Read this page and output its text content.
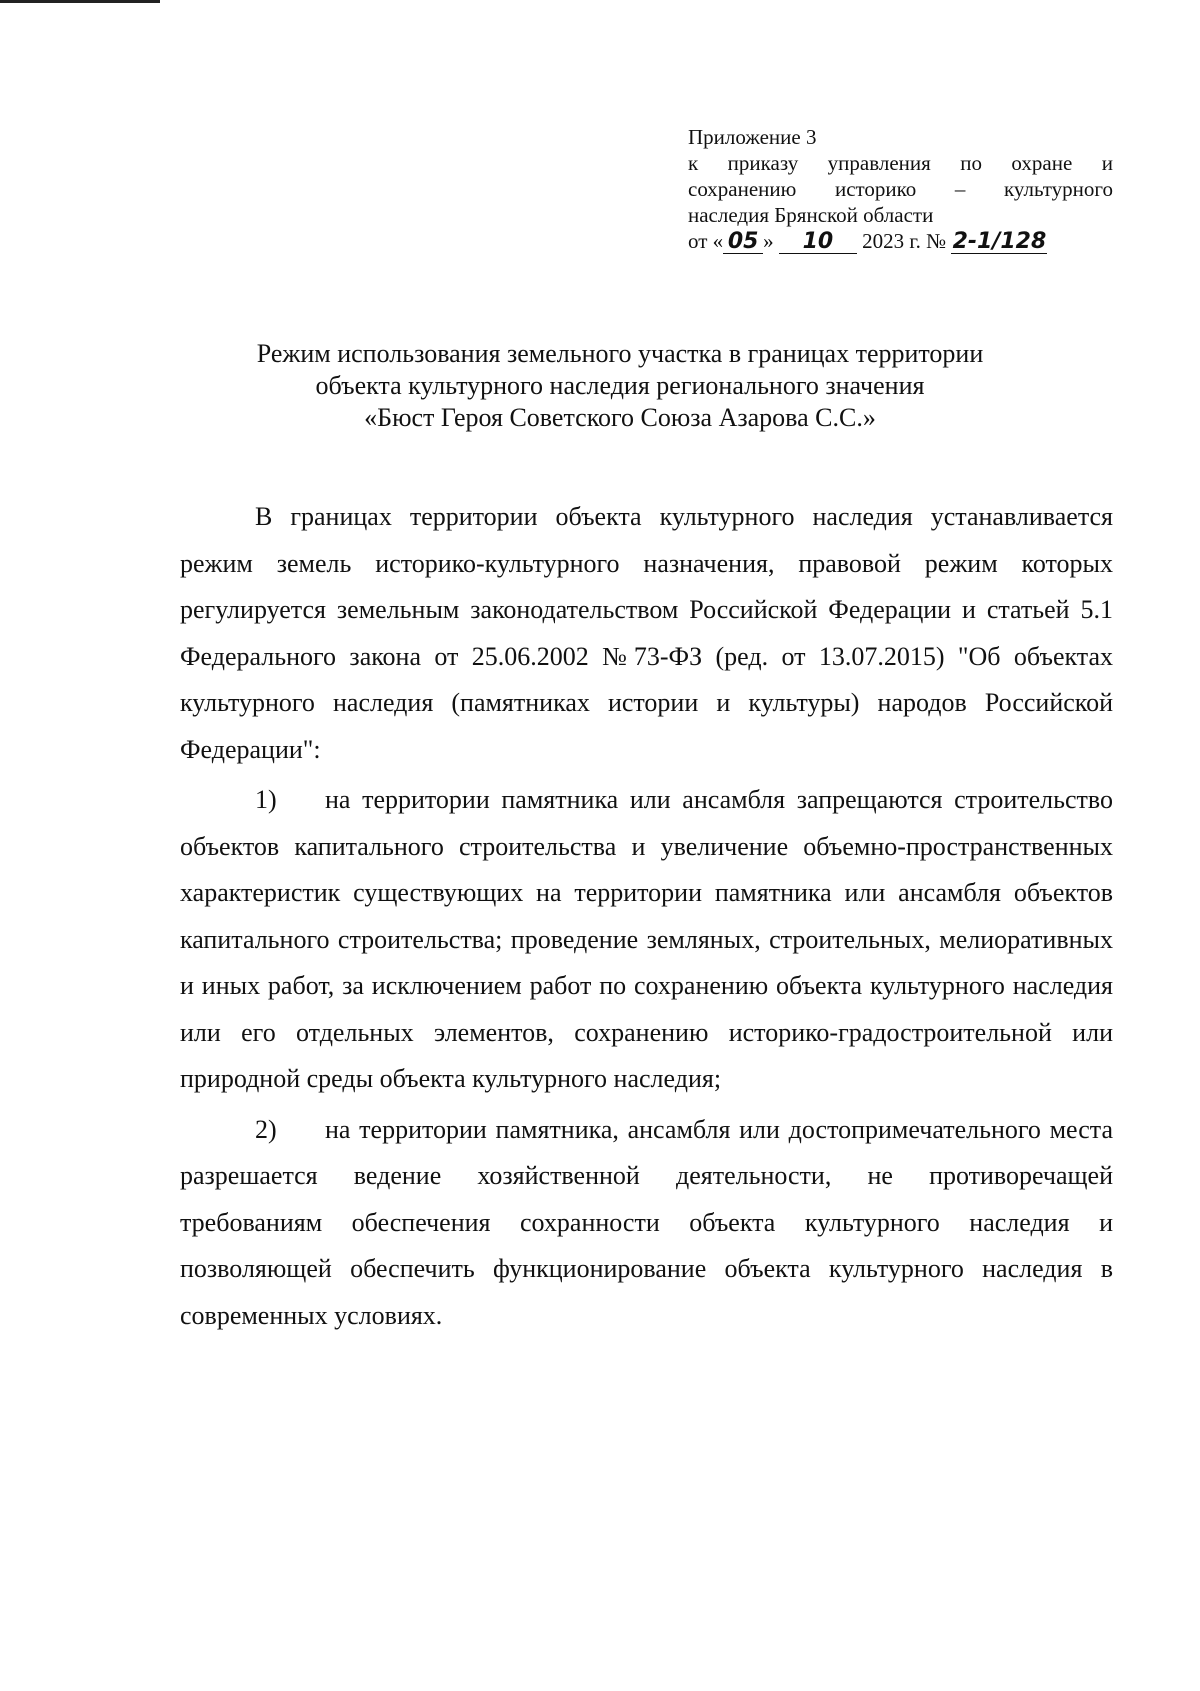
Приложение 3
к приказу управления по охране и
сохранению историко – культурного
наследия Брянской области
от « 05 » 10 2023 г. № 2-1/128
Режим использования земельного участка в границах территории
объекта культурного наследия регионального значения
«Бюст Героя Советского Союза Азарова С.С.»

В границах территории объекта культурного наследия устанавливается режим земель историко-культурного назначения, правовой режим которых регулируется земельным законодательством Российской Федерации и статьей 5.1 Федерального закона от 25.06.2002 №73-ФЗ (ред. от 13.07.2015) "Об объектах культурного наследия (памятниках истории и культуры) народов Российской Федерации":

1) на территории памятника или ансамбля запрещаются строительство объектов капитального строительства и увеличение объемно-пространственных характеристик существующих на территории памятника или ансамбля объектов капитального строительства; проведение земляных, строительных, мелиоративных и иных работ, за исключением работ по сохранению объекта культурного наследия или его отдельных элементов, сохранению историко-градостроительной или природной среды объекта культурного наследия;

2) на территории памятника, ансамбля или достопримечательного места разрешается ведение хозяйственной деятельности, не противоречащей требованиям обеспечения сохранности объекта культурного наследия и позволяющей обеспечить функционирование объекта культурного наследия в современных условиях.
